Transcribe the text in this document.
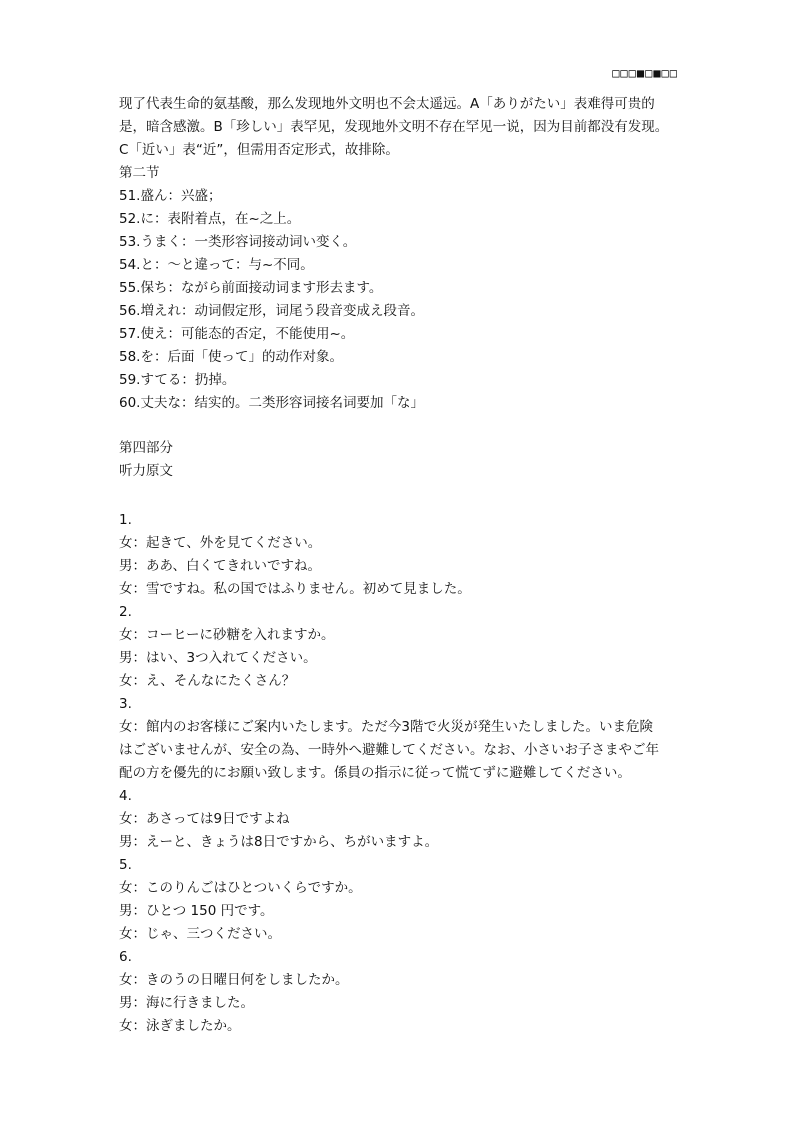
□□□■□■□□
现了代表生命的氨基酸，那么发现地外文明也不会太遥远。A「ありがたい」表难得可贵的
是，暗含感激。B「珍しい」表罕见，发现地外文明不存在罕见一说，因为目前都没有发现。
C「近い」表“近”，但需用否定形式，故排除。
第二节
51.盛ん：兴盛；
52.に：表附着点，在~之上。
53.うまく：一类形容词接动词い变く。
54.と：～と違って：与~不同。
55.保ち：ながら前面接动词ます形去ます。
56.増えれ：动词假定形，词尾う段音变成え段音。
57.使え：可能态的否定，不能使用~。
58.を：后面「使って」的动作对象。
59.すてる：扔掉。
60.丈夫な：结实的。二类形容词接名词要加「な」
第四部分
听力原文
1.
女：起きて、外を見てください。
男：ああ、白くてきれいですね。
女：雪ですね。私の国ではふりません。初めて見ました。
2.
女：コーヒーに砂糖を入れますか。
男：はい、3つ入れてください。
女：え、そんなにたくさん？
3.
女：館内のお客様にご案内いたします。ただ今3階で火災が発生いたしました。いま危険
はございませんが、安全の為、一時外へ避難してください。なお、小さいお子さまやご年
配の方を優先的にお願い致します。係員の指示に従って慌てずに避難してください。
4.
女：あさっては9日ですよね
男：えーと、きょうは8日ですから、ちがいますよ。
5.
女：このりんごはひとついくらですか。
男：ひとつ 150 円です。
女：じゃ、三つください。
6.
女：きのうの日曜日何をしましたか。
男：海に行きました。
女：泳ぎましたか。
